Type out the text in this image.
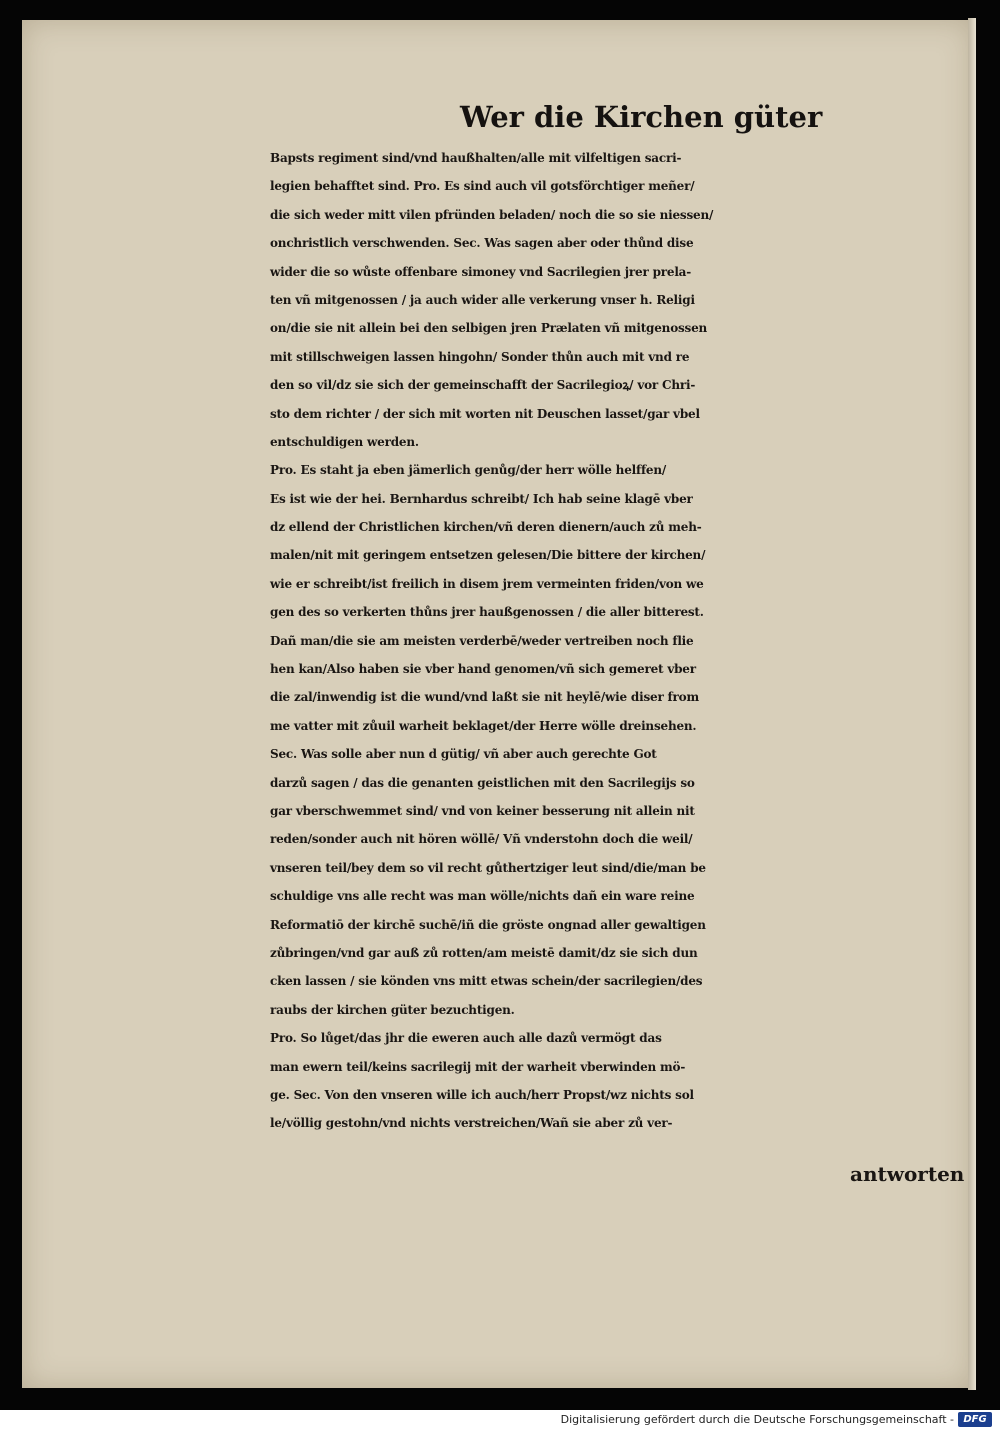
Wer die Kirchen güter
Bapsts regiment sind/vnd haußhalten/alle mit vilfeltigen sacri-
legien behafftet sind. Pro. Es sind auch vil gotsförchtiger meñer/
die sich weder mitt vilen pfründen beladen/ noch die so sie niessen/
onchristlich verschwenden. Sec. Was sagen aber oder thůnd dise
wider die so wůste offenbare simoney vnd Sacrilegien jrer prela-
ten vñ mitgenossen / ja auch wider alle verkerung vnser h. Religi
on/die sie nit allein bei den selbigen jren Prælaten vñ mitgenossen
mit stillschweigen lassen hingohn/ Sonder thůn auch mit vnd re
den so vil/dz sie sich der gemeinschafft der Sacrilegioꝝ/ vor Chri-
sto dem richter / der sich mit worten nit Deuschen lasset/gar vbel
entschuldigen werden.
Pro. Es staht ja eben jämerlich genůg/der herr wölle helffen/
Es ist wie der hei. Bernhardus schreibt/ Ich hab seine klagē vber
dz ellend der Christlichen kirchen/vñ deren dienern/auch zů meh-
malen/nit mit geringem entsetzen gelesen/Die bittere der kirchen/
wie er schreibt/ist freilich in disem jrem vermeinten friden/von we
gen des so verkerten thůns jrer haußgenossen / die aller bitterest.
Dañ man/die sie am meisten verderbē/weder vertreiben noch flie
hen kan/Also haben sie vber hand genomen/vñ sich gemeret vber
die zal/inwendig ist die wund/vnd laßt sie nit heylē/wie diser from
me vatter mit zůuil warheit beklaget/der Herre wölle dreinsehen.
Sec. Was solle aber nun d gütig/ vñ aber auch gerechte Got
darzů sagen / das die genanten geistlichen mit den Sacrilegijs so
gar vberschwemmet sind/ vnd von keiner besserung nit allein nit
reden/sonder auch nit hören wöllē/ Vñ vnderstohn doch die weil/
vnseren teil/bey dem so vil recht gůthertziger leut sind/die/man be
schuldige vns alle recht was man wölle/nichts dañ ein ware reine
Reformatiō der kirchē suchē/iñ die gröste ongnad aller gewaltigen
zůbringen/vnd gar auß zů rotten/am meistē damit/dz sie sich dun
cken lassen / sie könden vns mitt etwas schein/der sacrilegien/des
raubs der kirchen güter bezuchtigen.
Pro. So lůget/das jhr die eweren auch alle dazů vermögt das
man ewern teil/keins sacrilegij mit der warheit vberwinden mö-
ge. Sec. Von den vnseren wille ich auch/herr Propst/wz nichts sol
le/völlig gestohn/vnd nichts verstreichen/Wañ sie aber zů ver-
antworten
Digitalisierung gefördert durch die Deutsche Forschungsgemeinschaft - DFG
